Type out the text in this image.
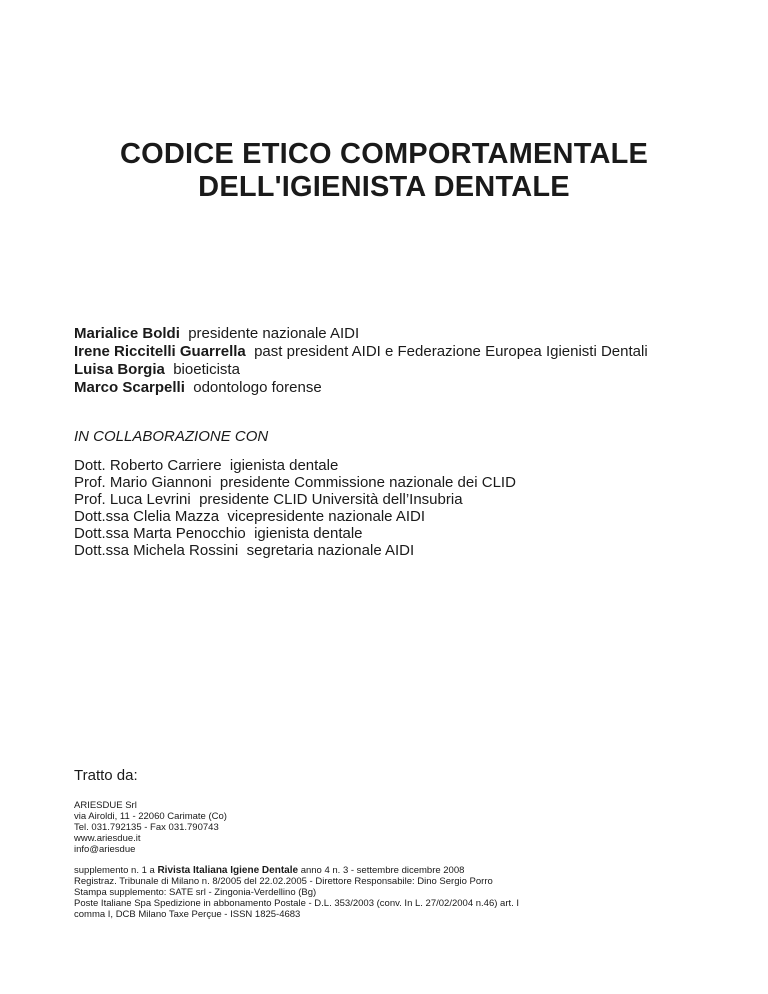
CODICE ETICO COMPORTAMENTALE
DELL'IGIENISTA DENTALE
Marialice Boldi presidente nazionale AIDI
Irene Riccitelli Guarrella past president AIDI e Federazione Europea Igienisti Dentali
Luisa Borgia bioeticista
Marco Scarpelli odontologo forense
IN COLLABORAZIONE CON
Dott. Roberto Carriere igienista dentale
Prof. Mario Giannoni presidente Commissione nazionale dei CLID
Prof. Luca Levrini presidente CLID Università dell’Insubria
Dott.ssa Clelia Mazza vicepresidente nazionale AIDI
Dott.ssa Marta Penocchio igienista dentale
Dott.ssa Michela Rossini segretaria nazionale AIDI
Tratto da:
ARIESDUE Srl
via Airoldi, 11 - 22060 Carimate (Co)
Tel. 031.792135 - Fax 031.790743
www.ariesdue.it
info@ariesdue
supplemento n. 1 a Rivista Italiana Igiene Dentale anno 4 n. 3 - settembre dicembre 2008
Registraz. Tribunale di Milano n. 8/2005 del 22.02.2005 - Direttore Responsabile: Dino Sergio Porro
Stampa supplemento: SATE srl - Zingonia-Verdellino (Bg)
Poste Italiane Spa Spedizione in abbonamento Postale - D.L. 353/2003 (conv. In L. 27/02/2004 n.46) art. I
comma I, DCB Milano Taxe Perçue - ISSN 1825-4683
